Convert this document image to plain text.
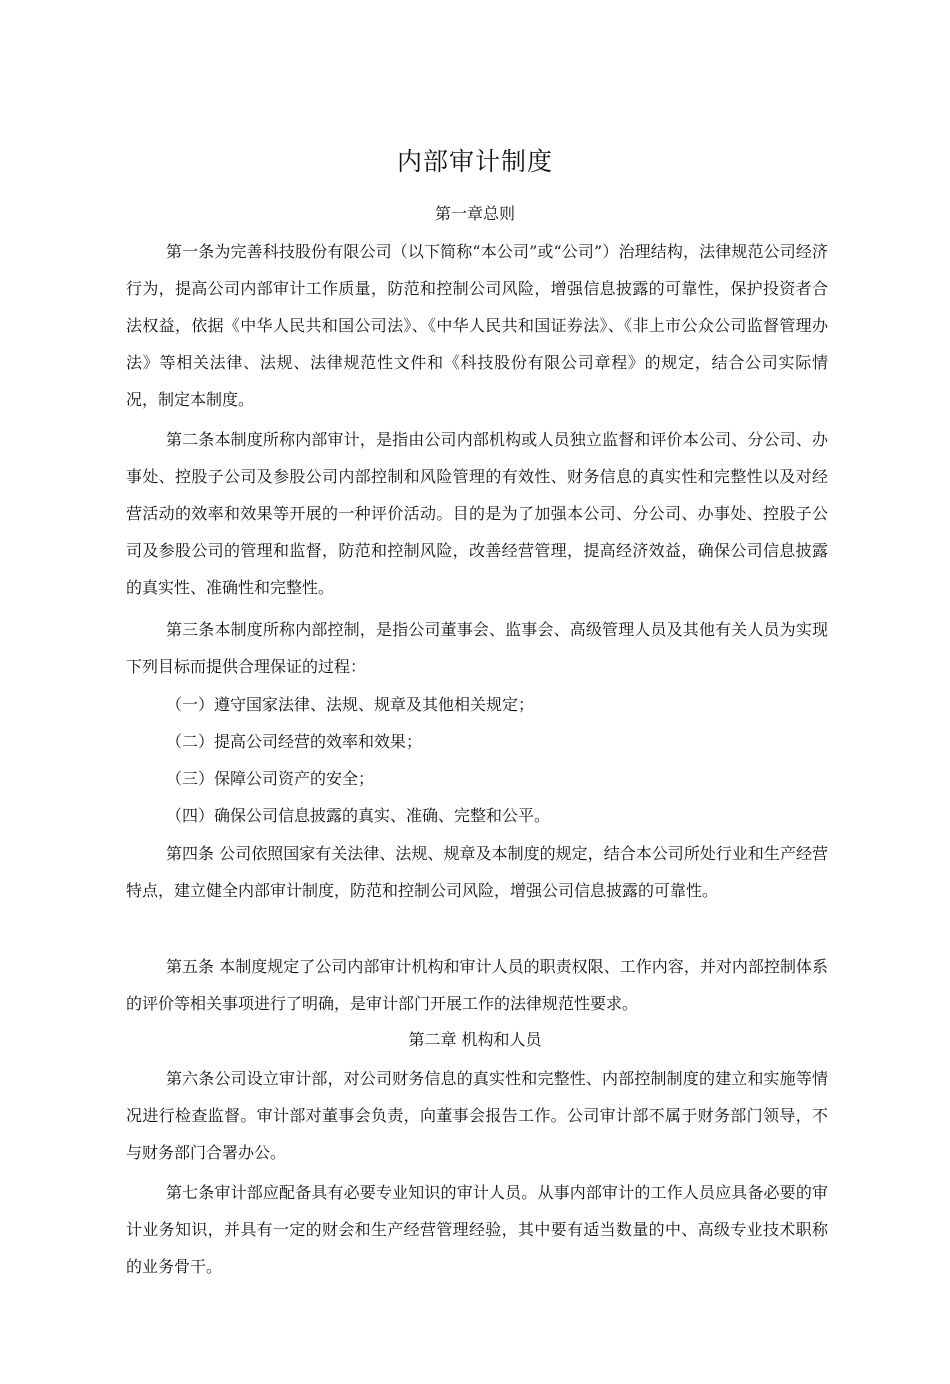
内部审计制度
第一章总则
第一条为完善科技股份有限公司（以下简称“本公司”或“公司”）治理结构，法律规范公司经济行为，提高公司内部审计工作质量，防范和控制公司风险，增强信息披露的可靠性，保护投资者合法权益，依据《中华人民共和国公司法》、《中华人民共和国证券法》、《非上市公众公司监督管理办法》等相关法律、法规、法律规范性文件和《科技股份有限公司章程》的规定，结合公司实际情况，制定本制度。
第二条本制度所称内部审计，是指由公司内部机构或人员独立监督和评价本公司、分公司、办事处、控股子公司及参股公司内部控制和风险管理的有效性、财务信息的真实性和完整性以及对经营活动的效率和效果等开展的一种评价活动。目的是为了加强本公司、分公司、办事处、控股子公司及参股公司的管理和监督，防范和控制风险，改善经营管理，提高经济效益，确保公司信息披露的真实性、准确性和完整性。
第三条本制度所称内部控制，是指公司董事会、监事会、高级管理人员及其他有关人员为实现下列目标而提供合理保证的过程：
（一）遵守国家法律、法规、规章及其他相关规定；
（二）提高公司经营的效率和效果；
（三）保障公司资产的安全；
（四）确保公司信息披露的真实、准确、完整和公平。
第四条 公司依照国家有关法律、法规、规章及本制度的规定，结合本公司所处行业和生产经营特点，建立健全内部审计制度，防范和控制公司风险，增强公司信息披露的可靠性。
第五条 本制度规定了公司内部审计机构和审计人员的职责权限、工作内容，并对内部控制体系的评价等相关事项进行了明确，是审计部门开展工作的法律规范性要求。
第二章 机构和人员
第六条公司设立审计部，对公司财务信息的真实性和完整性、内部控制制度的建立和实施等情况进行检查监督。审计部对董事会负责，向董事会报告工作。公司审计部不属于财务部门领导，不与财务部门合署办公。
第七条审计部应配备具有必要专业知识的审计人员。从事内部审计的工作人员应具备必要的审计业务知识，并具有一定的财会和生产经营管理经验，其中要有适当数量的中、高级专业技术职称的业务骨干。
